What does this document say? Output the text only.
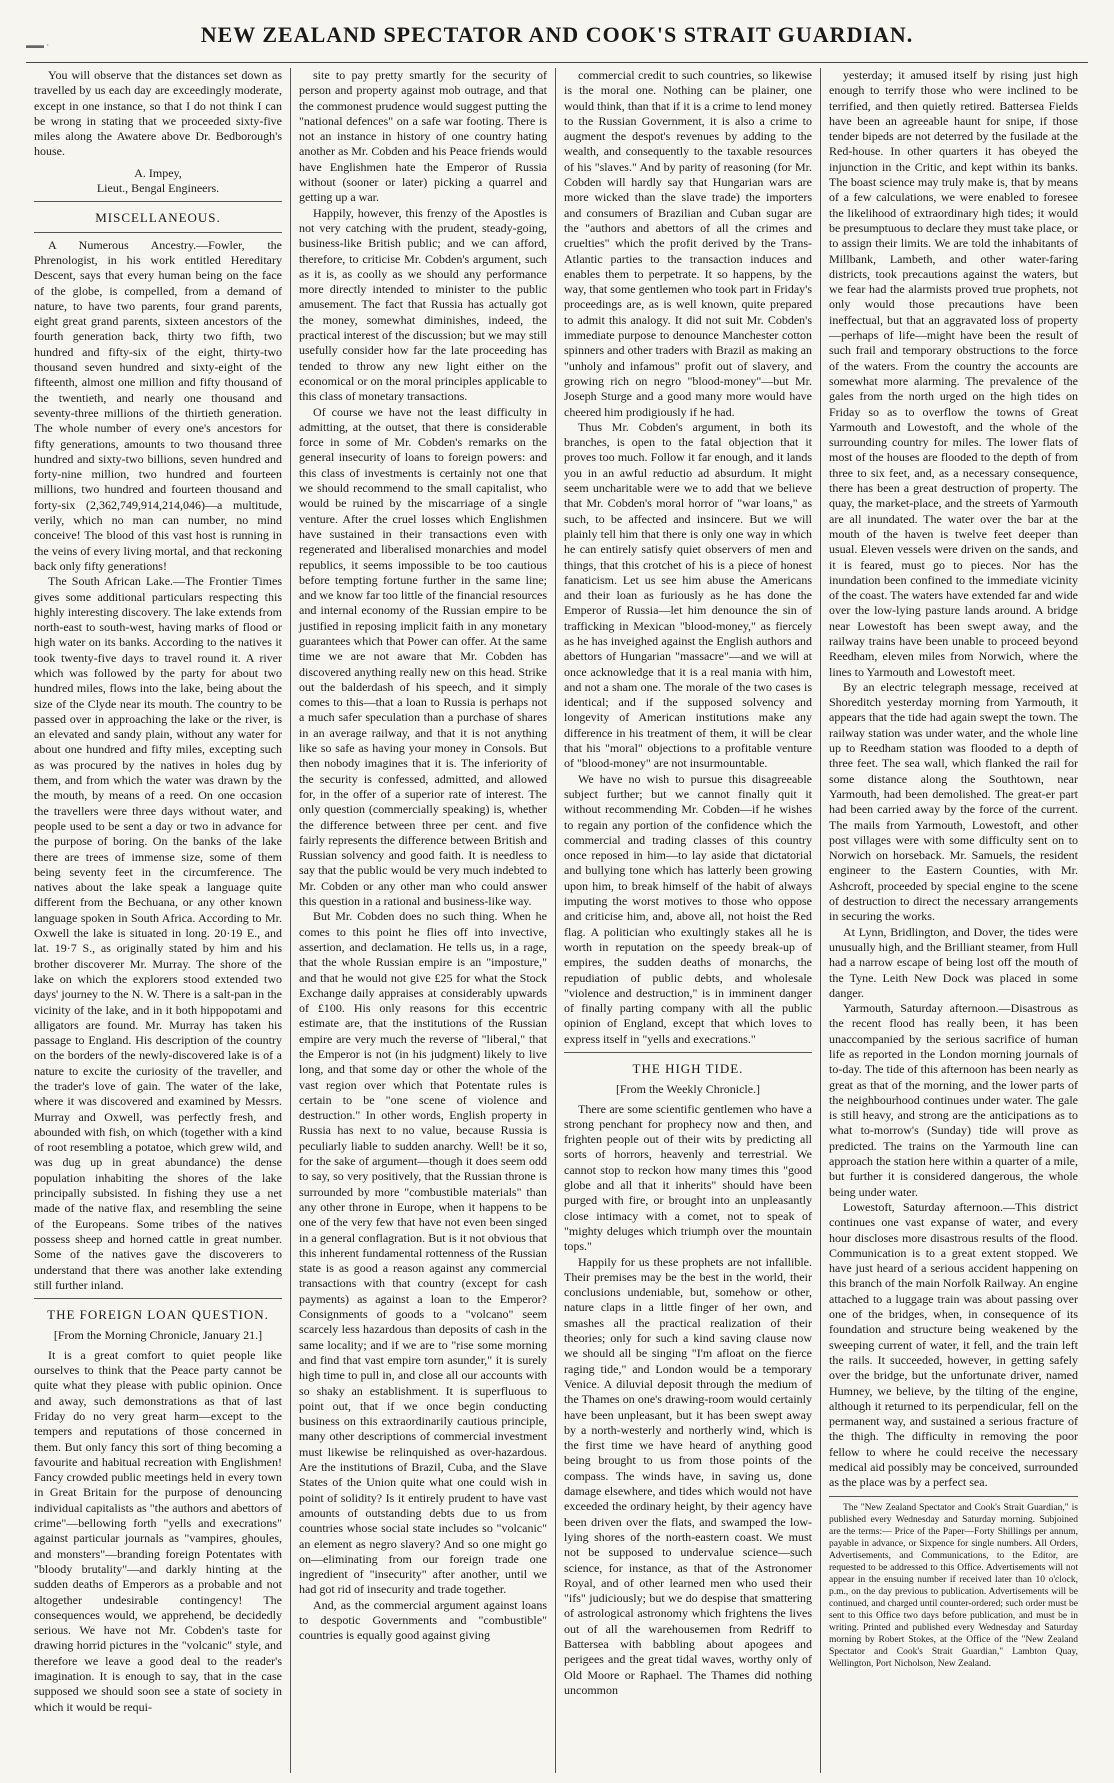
▬▬ ·	NEW ZEALAND SPECTATOR AND COOK'S STRAIT GUARDIAN.

You will observe that the distances set down as travelled by us each day are exceedingly moderate, except in one instance, so that I do not think I can be wrong in stating that we proceeded sixty-five miles along the Awatere above Dr. Bedborough's house.

A. Impey,
Lieut., Bengal Engineers.
MISCELLANEOUS.

A Numerous Ancestry.—Fowler, the Phrenologist, in his work entitled Hereditary Descent, says that every human being on the face of the globe, is compelled, from a demand of nature, to have two parents, four grand parents, eight great grand parents, sixteen ancestors of the fourth generation back, thirty two fifth, two hundred and fifty-six of the eight, thirty-two thousand seven hundred and sixty-eight of the fifteenth, almost one million and fifty thousand of the twentieth, and nearly one thousand and seventy-three millions of the thirtieth generation. The whole number of every one's ancestors for fifty generations, amounts to two thousand three hundred and sixty-two billions, seven hundred and forty-nine million, two hundred and fourteen millions, two hundred and fourteen thousand and forty-six (2,362,749,914,214,046)—a multitude, verily, which no man can number, no mind conceive! The blood of this vast host is running in the veins of every living mortal, and that reckoning back only fifty generations!

The South African Lake.—The Frontier Times gives some additional particulars respecting this highly interesting discovery. The lake extends from north-east to south-west, having marks of flood or high water on its banks. According to the natives it took twenty-five days to travel round it. A river which was followed by the party for about two hundred miles, flows into the lake, being about the size of the Clyde near its mouth. The country to be passed over in approaching the lake or the river, is an elevated and sandy plain, without any water for about one hundred and fifty miles, excepting such as was procured by the natives in holes dug by them, and from which the water was drawn by the the mouth, by means of a reed. On one occasion the travellers were three days without water, and people used to be sent a day or two in advance for the purpose of boring. On the banks of the lake there are trees of immense size, some of them being seventy feet in the circumference. The natives about the lake speak a language quite different from the Bechuana, or any other known language spoken in South Africa. According to Mr. Oxwell the lake is situated in long. 20·19 E., and lat. 19·7 S., as originally stated by him and his brother discoverer Mr. Murray. The shore of the lake on which the explorers stood extended two days' journey to the N. W. There is a salt-pan in the vicinity of the lake, and in it both hippopotami and alligators are found. Mr. Murray has taken his passage to England. His description of the country on the borders of the newly-discovered lake is of a nature to excite the curiosity of the traveller, and the trader's love of gain. The water of the lake, where it was discovered and examined by Messrs. Murray and Oxwell, was perfectly fresh, and abounded with fish, on which (together with a kind of root resembling a potatoe, which grew wild, and was dug up in great abundance) the dense population inhabiting the shores of the lake principally subsisted. In fishing they use a net made of the native flax, and resembling the seine of the Europeans. Some tribes of the natives possess sheep and horned cattle in great number. Some of the natives gave the discoverers to understand that there was another lake extending still further inland.

THE FOREIGN LOAN QUESTION.
[From the Morning Chronicle, January 21.]

It is a great comfort to quiet people like ourselves to think that the Peace party cannot be quite what they please with public opinion. Once and away, such demonstrations as that of last Friday do no very great harm—except to the tempers and reputations of those concerned in them. But only fancy this sort of thing becoming a favourite and habitual recreation with Englishmen! Fancy crowded public meetings held in every town in Great Britain for the purpose of denouncing individual capitalists as "the authors and abettors of crime"—bellowing forth "yells and execrations" against particular journals as "vampires, ghoules, and monsters"—branding foreign Potentates with "bloody brutality"—and darkly hinting at the sudden deaths of Emperors as a probable and not altogether undesirable contingency! The consequences would, we apprehend, be decidedly serious. We have not Mr. Cobden's taste for drawing horrid pictures in the "volcanic" style, and therefore we leave a good deal to the reader's imagination. It is enough to say, that in the case supposed we should soon see a state of society in which it would be requi-

site to pay pretty smartly for the security of person and property against mob outrage, and that the commonest prudence would suggest putting the "national defences" on a safe war footing. There is not an instance in history of one country hating another as Mr. Cobden and his Peace friends would have Englishmen hate the Emperor of Russia without (sooner or later) picking a quarrel and getting up a war.

Happily, however, this frenzy of the Apostles is not very catching with the prudent, steady-going, business-like British public; and we can afford, therefore, to criticise Mr. Cobden's argument, such as it is, as coolly as we should any performance more directly intended to minister to the public amusement. The fact that Russia has actually got the money, somewhat diminishes, indeed, the practical interest of the discussion; but we may still usefully consider how far the late proceeding has tended to throw any new light either on the economical or on the moral principles applicable to this class of monetary transactions.

Of course we have not the least difficulty in admitting, at the outset, that there is considerable force in some of Mr. Cobden's remarks on the general insecurity of loans to foreign powers: and this class of investments is certainly not one that we should recommend to the small capitalist, who would be ruined by the miscarriage of a single venture. After the cruel losses which Englishmen have sustained in their transactions even with regenerated and liberalised monarchies and model republics, it seems impossible to be too cautious before tempting fortune further in the same line; and we know far too little of the financial resources and internal economy of the Russian empire to be justified in reposing implicit faith in any monetary guarantees which that Power can offer. At the same time we are not aware that Mr. Cobden has discovered anything really new on this head. Strike out the balderdash of his speech, and it simply comes to this—that a loan to Russia is perhaps not a much safer speculation than a purchase of shares in an average railway, and that it is not anything like so safe as having your money in Consols. But then nobody imagines that it is. The inferiority of the security is confessed, admitted, and allowed for, in the offer of a superior rate of interest. The only question (commercially speaking) is, whether the difference between three per cent. and five fairly represents the difference between British and Russian solvency and good faith. It is needless to say that the public would be very much indebted to Mr. Cobden or any other man who could answer this question in a rational and business-like way.

But Mr. Cobden does no such thing. When he comes to this point he flies off into invective, assertion, and declamation. He tells us, in a rage, that the whole Russian empire is an "imposture," and that he would not give £25 for what the Stock Exchange daily appraises at considerably upwards of £100. His only reasons for this eccentric estimate are, that the institutions of the Russian empire are very much the reverse of "liberal," that the Emperor is not (in his judgment) likely to live long, and that some day or other the whole of the vast region over which that Potentate rules is certain to be "one scene of violence and destruction." In other words, English property in Russia has next to no value, because Russia is peculiarly liable to sudden anarchy. Well! be it so, for the sake of argument—though it does seem odd to say, so very positively, that the Russian throne is surrounded by more "combustible materials" than any other throne in Europe, when it happens to be one of the very few that have not even been singed in a general conflagration. But is it not obvious that this inherent fundamental rottenness of the Russian state is as good a reason against any commercial transactions with that country (except for cash payments) as against a loan to the Emperor? Consignments of goods to a "volcano" seem scarcely less hazardous than deposits of cash in the same locality; and if we are to "rise some morning and find that vast empire torn asunder," it is surely high time to pull in, and close all our accounts with so shaky an establishment. It is superfluous to point out, that if we once begin conducting business on this extraordinarily cautious principle, many other descriptions of commercial investment must likewise be relinquished as over-hazardous. Are the institutions of Brazil, Cuba, and the Slave States of the Union quite what one could wish in point of solidity? Is it entirely prudent to have vast amounts of outstanding debts due to us from countries whose social state includes so "volcanic" an element as negro slavery? And so one might go on—eliminating from our foreign trade one ingredient of "insecurity" after another, until we had got rid of insecurity and trade together.

And, as the commercial argument against loans to despotic Governments and "combustible" countries is equally good against giving

commercial credit to such countries, so likewise is the moral one. Nothing can be plainer, one would think, than that if it is a crime to lend money to the Russian Government, it is also a crime to augment the despot's revenues by adding to the wealth, and consequently to the taxable resources of his "slaves." And by parity of reasoning (for Mr. Cobden will hardly say that Hungarian wars are more wicked than the slave trade) the importers and consumers of Brazilian and Cuban sugar are the "authors and abettors of all the crimes and cruelties" which the profit derived by the Trans-Atlantic parties to the transaction induces and enables them to perpetrate. It so happens, by the way, that some gentlemen who took part in Friday's proceedings are, as is well known, quite prepared to admit this analogy. It did not suit Mr. Cobden's immediate purpose to denounce Manchester cotton spinners and other traders with Brazil as making an "unholy and infamous" profit out of slavery, and growing rich on negro "blood-money"—but Mr. Joseph Sturge and a good many more would have cheered him prodigiously if he had.

Thus Mr. Cobden's argument, in both its branches, is open to the fatal objection that it proves too much. Follow it far enough, and it lands you in an awful reductio ad absurdum. It might seem uncharitable were we to add that we believe that Mr. Cobden's moral horror of "war loans," as such, to be affected and insincere. But we will plainly tell him that there is only one way in which he can entirely satisfy quiet observers of men and things, that this crotchet of his is a piece of honest fanaticism. Let us see him abuse the Americans and their loan as furiously as he has done the Emperor of Russia—let him denounce the sin of trafficking in Mexican "blood-money," as fiercely as he has inveighed against the English authors and abettors of Hungarian "massacre"—and we will at once acknowledge that it is a real mania with him, and not a sham one. The morale of the two cases is identical; and if the supposed solvency and longevity of American institutions make any difference in his treatment of them, it will be clear that his "moral" objections to a profitable venture of "blood-money" are not insurmountable.

We have no wish to pursue this disagreeable subject further; but we cannot finally quit it without recommending Mr. Cobden—if he wishes to regain any portion of the confidence which the commercial and trading classes of this country once reposed in him—to lay aside that dictatorial and bullying tone which has latterly been growing upon him, to break himself of the habit of always imputing the worst motives to those who oppose and criticise him, and, above all, not hoist the Red flag. A politician who exultingly stakes all he is worth in reputation on the speedy break-up of empires, the sudden deaths of monarchs, the repudiation of public debts, and wholesale "violence and destruction," is in imminent danger of finally parting company with all the public opinion of England, except that which loves to express itself in "yells and execrations."

THE HIGH TIDE.
[From the Weekly Chronicle.]

There are some scientific gentlemen who have a strong penchant for prophecy now and then, and frighten people out of their wits by predicting all sorts of horrors, heavenly and terrestrial. We cannot stop to reckon how many times this "good globe and all that it inherits" should have been purged with fire, or brought into an unpleasantly close intimacy with a comet, not to speak of "mighty deluges which triumph over the mountain tops."

Happily for us these prophets are not infallible. Their premises may be the best in the world, their conclusions undeniable, but, somehow or other, nature claps in a little finger of her own, and smashes all the practical realization of their theories; only for such a kind saving clause now we should all be singing "I'm afloat on the fierce raging tide," and London would be a temporary Venice. A diluvial deposit through the medium of the Thames on one's drawing-room would certainly have been unpleasant, but it has been swept away by a north-westerly and northerly wind, which is the first time we have heard of anything good being brought to us from those points of the compass. The winds have, in saving us, done damage elsewhere, and tides which would not have exceeded the ordinary height, by their agency have been driven over the flats, and swamped the low-lying shores of the north-eastern coast. We must not be supposed to undervalue science—such science, for instance, as that of the Astronomer Royal, and of other learned men who used their "ifs" judiciously; but we do despise that smattering of astrological astronomy which frightens the lives out of all the warehousemen from Redriff to Battersea with babbling about apogees and perigees and the great tidal waves, worthy only of Old Moore or Raphael. The Thames did nothing uncommon

yesterday; it amused itself by rising just high enough to terrify those who were inclined to be terrified, and then quietly retired. Battersea Fields have been an agreeable haunt for snipe, if those tender bipeds are not deterred by the fusilade at the Red-house. In other quarters it has obeyed the injunction in the Critic, and kept within its banks. The boast science may truly make is, that by means of a few calculations, we were enabled to foresee the likelihood of extraordinary high tides; it would be presumptuous to declare they must take place, or to assign their limits. We are told the inhabitants of Millbank, Lambeth, and other water-faring districts, took precautions against the waters, but we fear had the alarmists proved true prophets, not only would those precautions have been ineffectual, but that an aggravated loss of property—perhaps of life—might have been the result of such frail and temporary obstructions to the force of the waters. From the country the accounts are somewhat more alarming. The prevalence of the gales from the north urged on the high tides on Friday so as to overflow the towns of Great Yarmouth and Lowestoft, and the whole of the surrounding country for miles. The lower flats of most of the houses are flooded to the depth of from three to six feet, and, as a necessary consequence, there has been a great destruction of property. The quay, the market-place, and the streets of Yarmouth are all inundated. The water over the bar at the mouth of the haven is twelve feet deeper than usual. Eleven vessels were driven on the sands, and it is feared, must go to pieces. Nor has the inundation been confined to the immediate vicinity of the coast. The waters have extended far and wide over the low-lying pasture lands around. A bridge near Lowestoft has been swept away, and the railway trains have been unable to proceed beyond Reedham, eleven miles from Norwich, where the lines to Yarmouth and Lowestoft meet.

By an electric telegraph message, received at Shoreditch yesterday morning from Yarmouth, it appears that the tide had again swept the town. The railway station was under water, and the whole line up to Reedham station was flooded to a depth of three feet. The sea wall, which flanked the rail for some distance along the Southtown, near Yarmouth, had been demolished. The great-er part had been carried away by the force of the current. The mails from Yarmouth, Lowestoft, and other post villages were with some difficulty sent on to Norwich on horseback. Mr. Samuels, the resident engineer to the Eastern Counties, with Mr. Ashcroft, proceeded by special engine to the scene of destruction to direct the necessary arrangements in securing the works.

At Lynn, Bridlington, and Dover, the tides were unusually high, and the Brilliant steamer, from Hull had a narrow escape of being lost off the mouth of the Tyne. Leith New Dock was placed in some danger.

Yarmouth, Saturday afternoon.—Disastrous as the recent flood has really been, it has been unaccompanied by the serious sacrifice of human life as reported in the London morning journals of to-day. The tide of this afternoon has been nearly as great as that of the morning, and the lower parts of the neighbourhood continues under water. The gale is still heavy, and strong are the anticipations as to what to-morrow's (Sunday) tide will prove as predicted. The trains on the Yarmouth line can approach the station here within a quarter of a mile, but further it is considered dangerous, the whole being under water.

Lowestoft, Saturday afternoon.—This district continues one vast expanse of water, and every hour discloses more disastrous results of the flood. Communication is to a great extent stopped. We have just heard of a serious accident happening on this branch of the main Norfolk Railway. An engine attached to a luggage train was about passing over one of the bridges, when, in consequence of its foundation and structure being weakened by the sweeping current of water, it fell, and the train left the rails. It succeeded, however, in getting safely over the bridge, but the unfortunate driver, named Humney, we believe, by the tilting of the engine, although it returned to its perpendicular, fell on the permanent way, and sustained a serious fracture of the thigh. The difficulty in removing the poor fellow to where he could receive the necessary medical aid possibly may be conceived, surrounded as the place was by a perfect sea.

The "New Zealand Spectator and Cook's Strait Guardian," is published every Wednesday and Saturday morning. Subjoined are the terms:— Price of the Paper—Forty Shillings per annum, payable in advance, or Sixpence for single numbers. All Orders, Advertisements, and Communications, to the Editor, are requested to be addressed to this Office. Advertisements will not appear in the ensuing number if received later than 10 o'clock, p.m., on the day previous to publication. Advertisements will be continued, and charged until counter-ordered; such order must be sent to this Office two days before publication, and must be in writing. Printed and published every Wednesday and Saturday morning by Robert Stokes, at the Office of the "New Zealand Spectator and Cook's Strait Guardian," Lambton Quay, Wellington, Port Nicholson, New Zealand.
